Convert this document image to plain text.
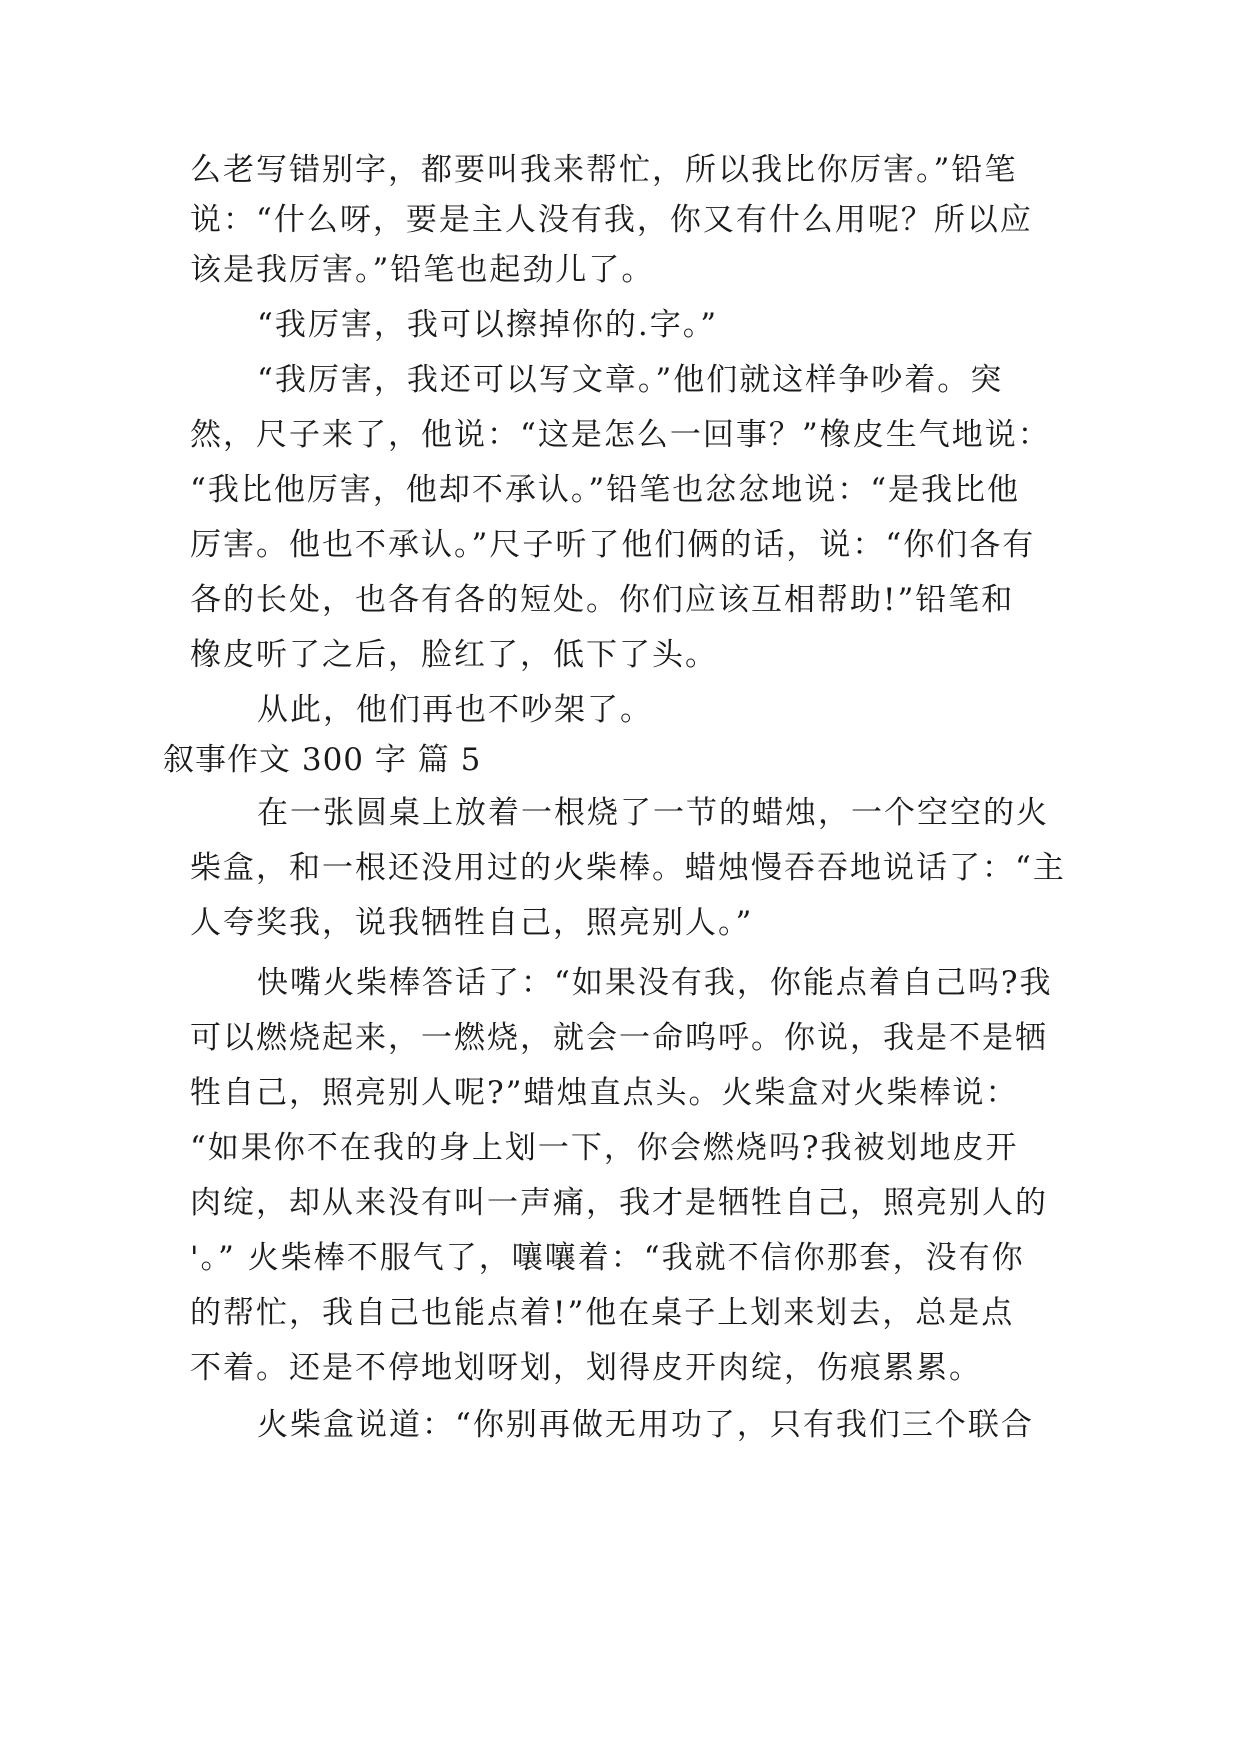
么老写错别字，都要叫我来帮忙，所以我比你厉害。”铅笔
说：“什么呀，要是主人没有我，你又有什么用呢？所以应
该是我厉害。”铅笔也起劲儿了。
“我厉害，我可以擦掉你的.字。”
“我厉害，我还可以写文章。”他们就这样争吵着。突
然，尺子来了，他说：“这是怎么一回事？”橡皮生气地说：
“我比他厉害，他却不承认。”铅笔也忿忿地说：“是我比他
厉害。他也不承认。”尺子听了他们俩的话，说：“你们各有
各的长处，也各有各的短处。你们应该互相帮助!”铅笔和
橡皮听了之后，脸红了，低下了头。
从此，他们再也不吵架了。
叙事作文 300 字 篇 5
在一张圆桌上放着一根烧了一节的蜡烛，一个空空的火
柴盒，和一根还没用过的火柴棒。蜡烛慢吞吞地说话了：“主
人夸奖我，说我牺牲自己，照亮别人。”
快嘴火柴棒答话了：“如果没有我，你能点着自己吗?我
可以燃烧起来，一燃烧，就会一命呜呼。你说，我是不是牺
牲自己，照亮别人呢?”蜡烛直点头。火柴盒对火柴棒说：
“如果你不在我的身上划一下，你会燃烧吗?我被划地皮开
肉绽，却从来没有叫一声痛，我才是牺牲自己，照亮别人的
'。” 火柴棒不服气了，嚷嚷着：“我就不信你那套，没有你
的帮忙，我自己也能点着!”他在桌子上划来划去，总是点
不着。还是不停地划呀划，划得皮开肉绽，伤痕累累。
火柴盒说道：“你别再做无用功了，只有我们三个联合
